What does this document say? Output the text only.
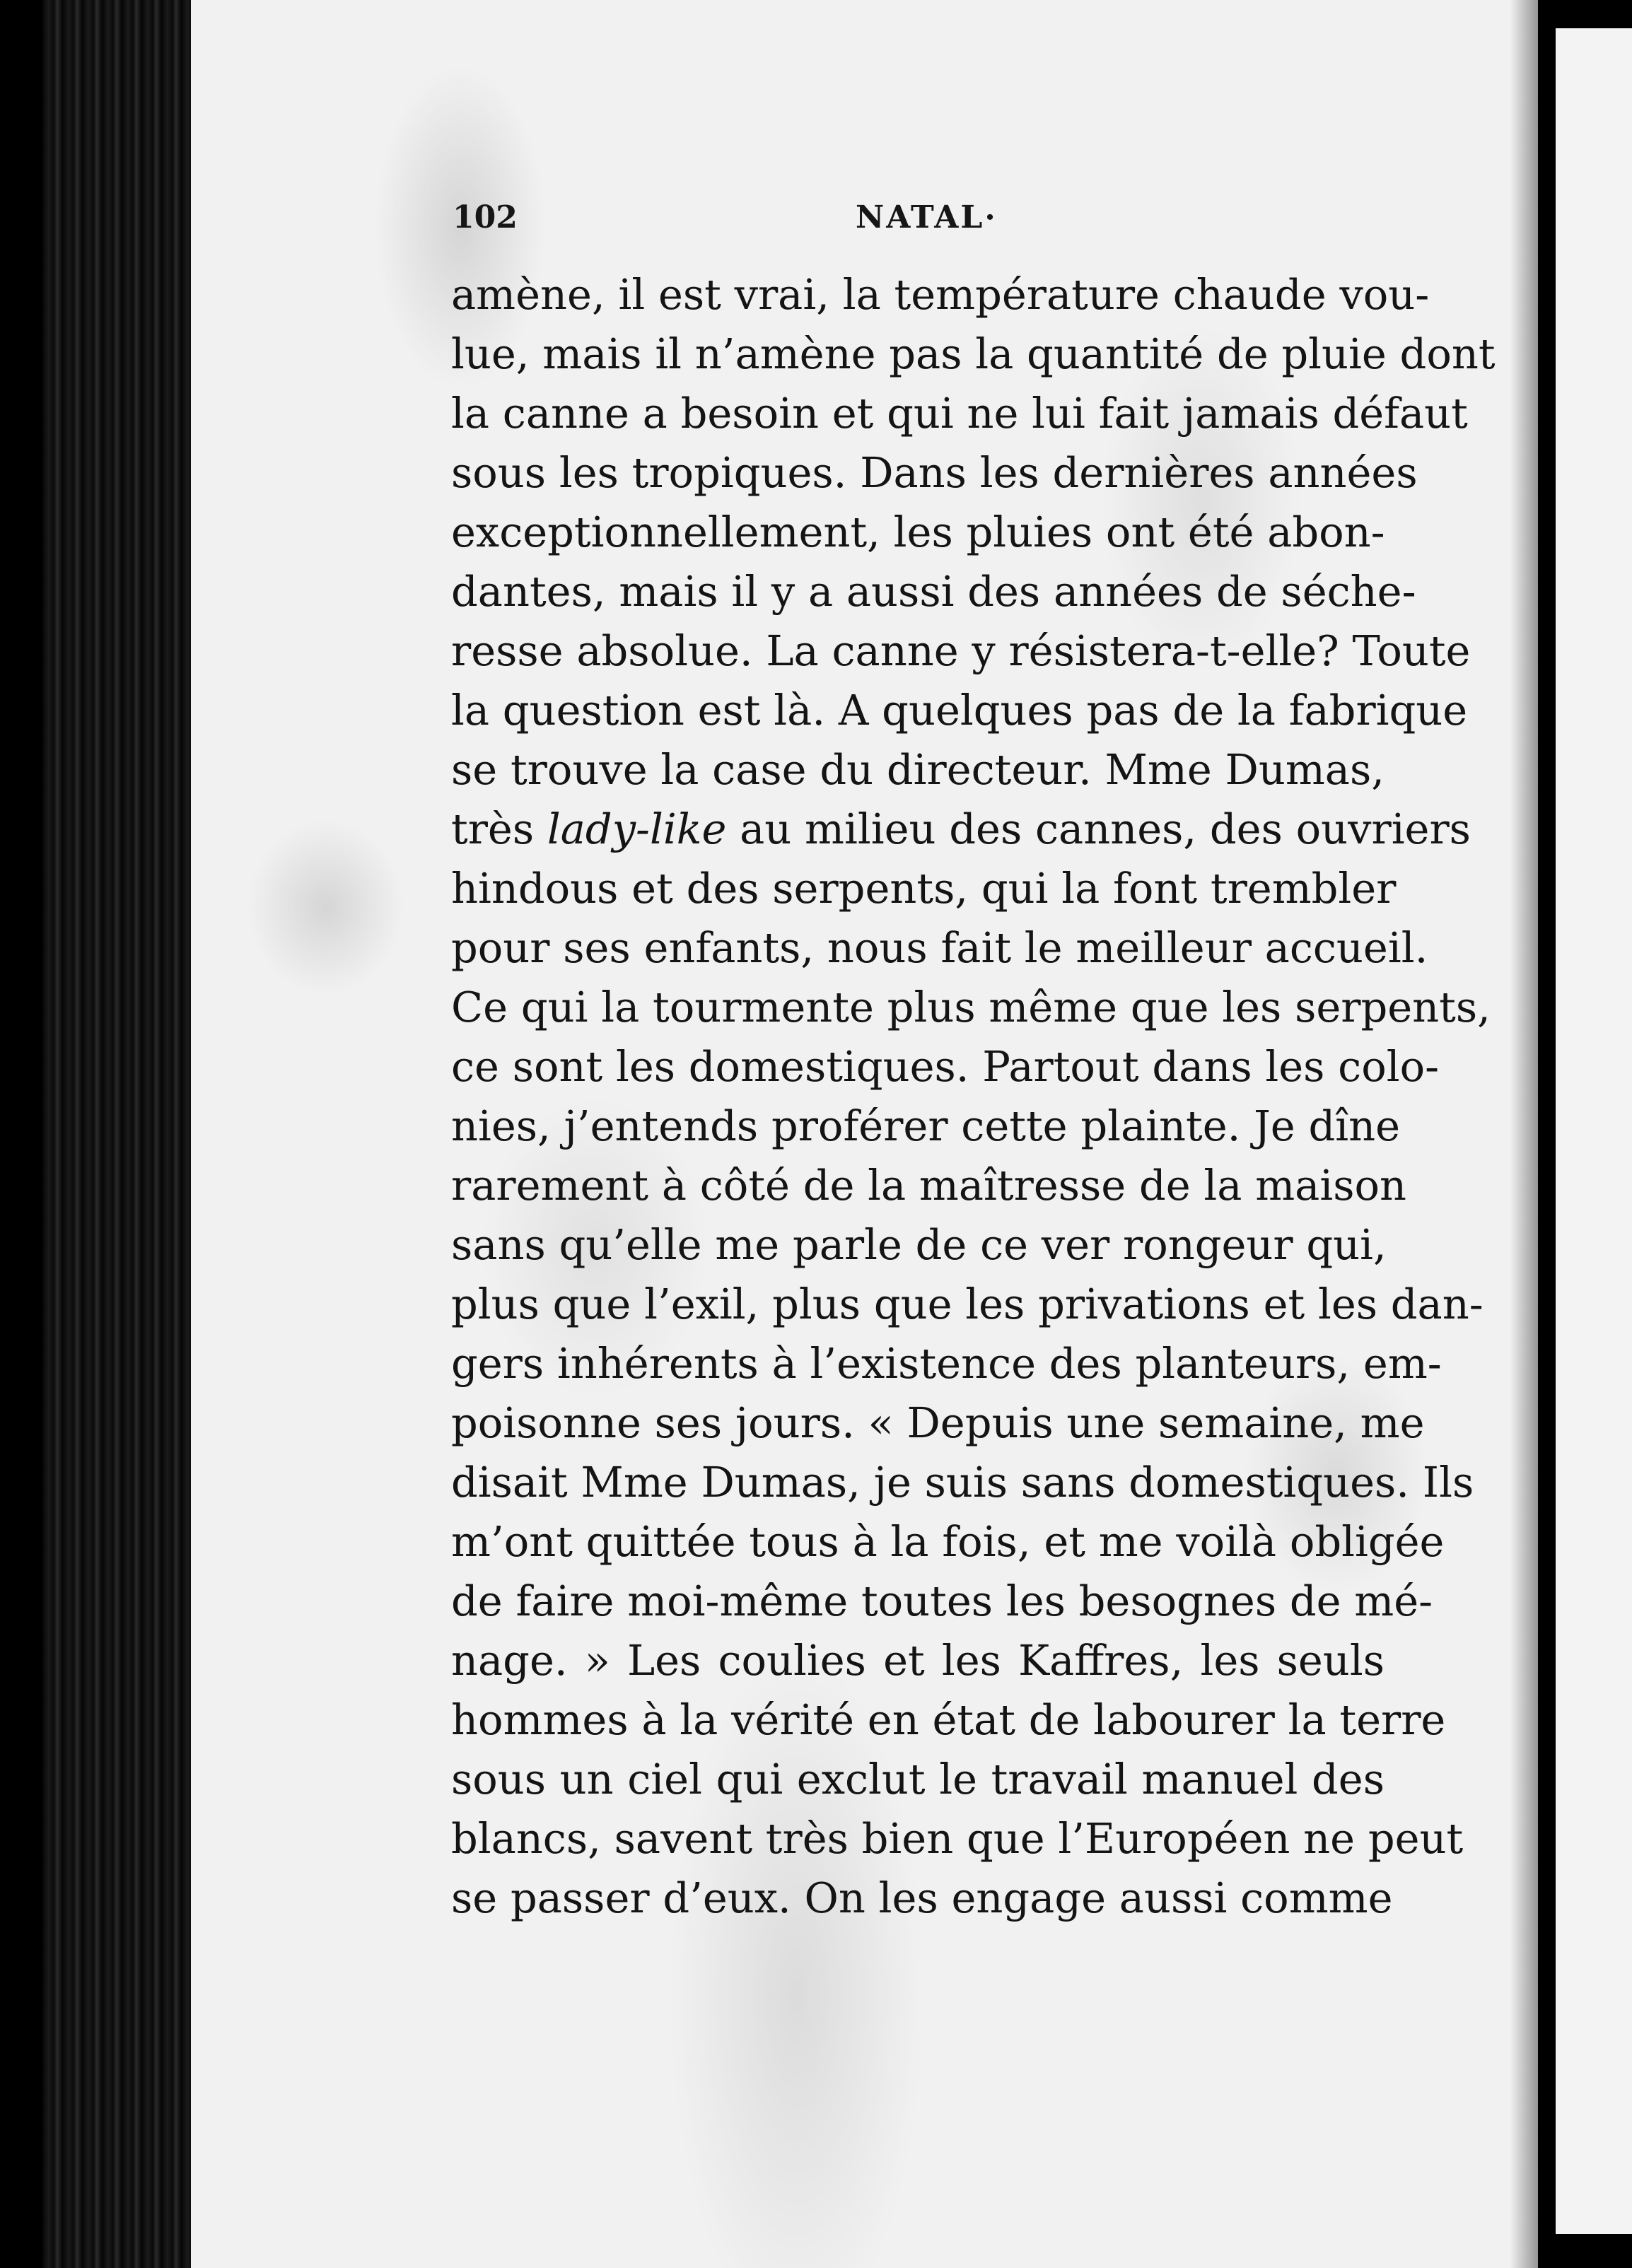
102	NATAL·
amène, il est vrai, la température chaude vou-
lue, mais il n’amène pas la quantité de pluie dont
la canne a besoin et qui ne lui fait jamais défaut
sous les tropiques. Dans les dernières années
exceptionnellement, les pluies ont été abon-
dantes, mais il y a aussi des années de séche-
resse absolue. La canne y résistera-t-elle? Toute
la question est là. A quelques pas de la fabrique
se trouve la case du directeur. Mme Dumas,
très lady-like au milieu des cannes, des ouvriers
hindous et des serpents, qui la font trembler
pour ses enfants, nous fait le meilleur accueil.
Ce qui la tourmente plus même que les serpents,
ce sont les domestiques. Partout dans les colo-
nies, j’entends proférer cette plainte. Je dîne
rarement à côté de la maîtresse de la maison
sans qu’elle me parle de ce ver rongeur qui,
plus que l’exil, plus que les privations et les dan-
gers inhérents à l’existence des planteurs, em-
poisonne ses jours. « Depuis une semaine, me
disait Mme Dumas, je suis sans domestiques. Ils
m’ont quittée tous à la fois, et me voilà obligée
de faire moi-même toutes les besognes de mé-
nage. » Les coulies et les Kaffres, les seuls
hommes à la vérité en état de labourer la terre
sous un ciel qui exclut le travail manuel des
blancs, savent très bien que l’Européen ne peut
se passer d’eux. On les engage aussi comme
